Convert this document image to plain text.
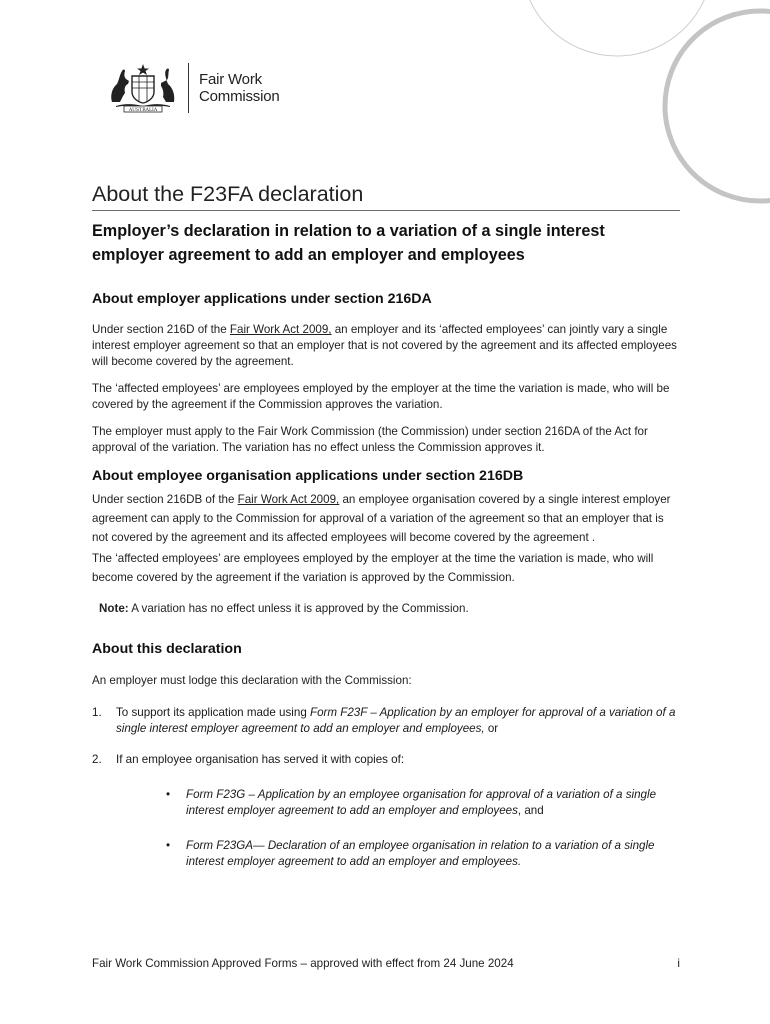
AUSTRALIA
Fair Work
Commission
About the F23FA declaration
Employer’s declaration in relation to a variation of a single interest employer agreement to add an employer and employees
About employer applications under section 216DA

Under section 216D of the Fair Work Act 2009, an employer and its ‘affected employees’ can jointly vary a single interest employer agreement so that an employer that is not covered by the agreement and its affected employees will become covered by the agreement.

The ‘affected employees’ are employees employed by the employer at the time the variation is made, who will be covered by the agreement if the Commission approves the variation.

The employer must apply to the Fair Work Commission (the Commission) under section 216DA of the Act for approval of the variation. The variation has no effect unless the Commission approves it.

About employee organisation applications under section 216DB

Under section 216DB of the Fair Work Act 2009, an employee organisation covered by a single interest employer agreement can apply to the Commission for approval of a variation of the agreement so that an employer that is not covered by the agreement and its affected employees will become covered by the agreement .

The ‘affected employees’ are employees employed by the employer at the time the variation is made, who will become covered by the agreement if the variation is approved by the Commission.

Note: A variation has no effect unless it is approved by the Commission.

About this declaration

An employer must lodge this declaration with the Commission:

1. To support its application made using Form F23F – Application by an employer for approval of a variation of a single interest employer agreement to add an employer and employees, or
2. If an employee organisation has served it with copies of:
• Form F23G – Application by an employee organisation for approval of a variation of a single interest employer agreement to add an employer and employees, and
• Form F23GA— Declaration of an employee organisation in relation to a variation of a single interest employer agreement to add an employer and employees.
Fair Work Commission Approved Forms – approved with effect from 24 June 2024	i
